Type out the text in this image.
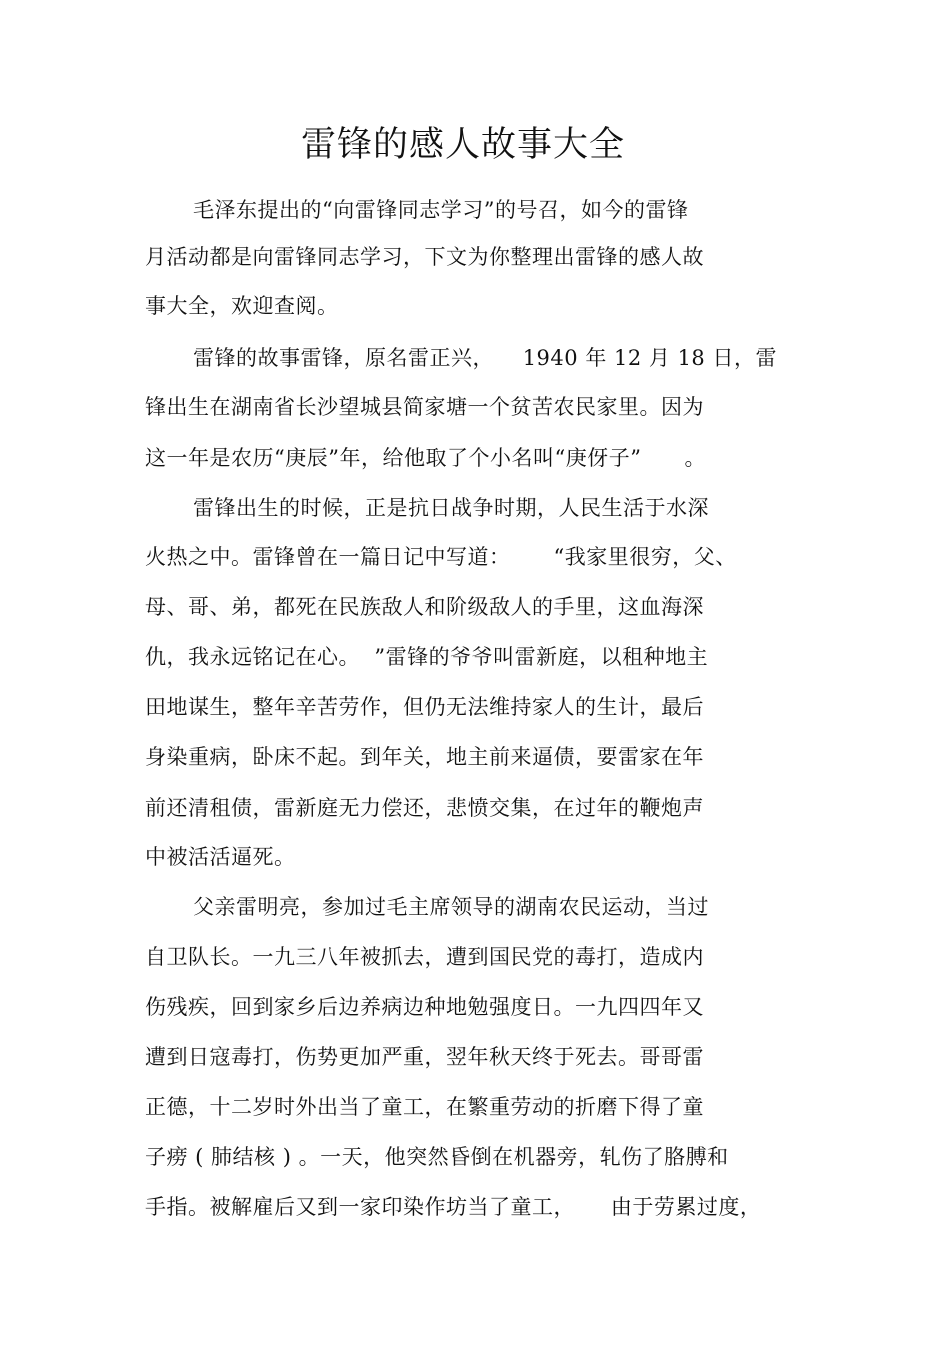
雷锋的感人故事大全
毛泽东提出的“向雷锋同志学习”的号召，如今的雷锋
月活动都是向雷锋同志学习，下文为你整理出雷锋的感人故
事大全，欢迎查阅。
雷锋的故事雷锋，原名雷正兴，    1940 年 12 月 18 日，雷
锋出生在湖南省长沙望城县简家塘一个贫苦农民家里。因为
这一年是农历“庚辰”年，给他取了个小名叫“庚伢子”      。
雷锋出生的时候，正是抗日战争时期，人民生活于水深
火热之中。雷锋曾在一篇日记中写道：      “我家里很穷，父、
母、哥、弟，都死在民族敌人和阶级敌人的手里，这血海深
仇，我永远铭记在心。  ”雷锋的爷爷叫雷新庭，以租种地主
田地谋生，整年辛苦劳作，但仍无法维持家人的生计，最后
身染重病，卧床不起。到年关，地主前来逼债，要雷家在年
前还清租债，雷新庭无力偿还，悲愤交集，在过年的鞭炮声
中被活活逼死。
父亲雷明亮，参加过毛主席领导的湖南农民运动，当过
自卫队长。一九三八年被抓去，遭到国民党的毒打，造成内
伤残疾，回到家乡后边养病边种地勉强度日。一九四四年又
遭到日寇毒打，伤势更加严重，翌年秋天终于死去。哥哥雷
正德，十二岁时外出当了童工，在繁重劳动的折磨下得了童
子痨 ( 肺结核 ) 。一天，他突然昏倒在机器旁，轧伤了胳膊和
手指。被解雇后又到一家印染作坊当了童工，     由于劳累过度，
